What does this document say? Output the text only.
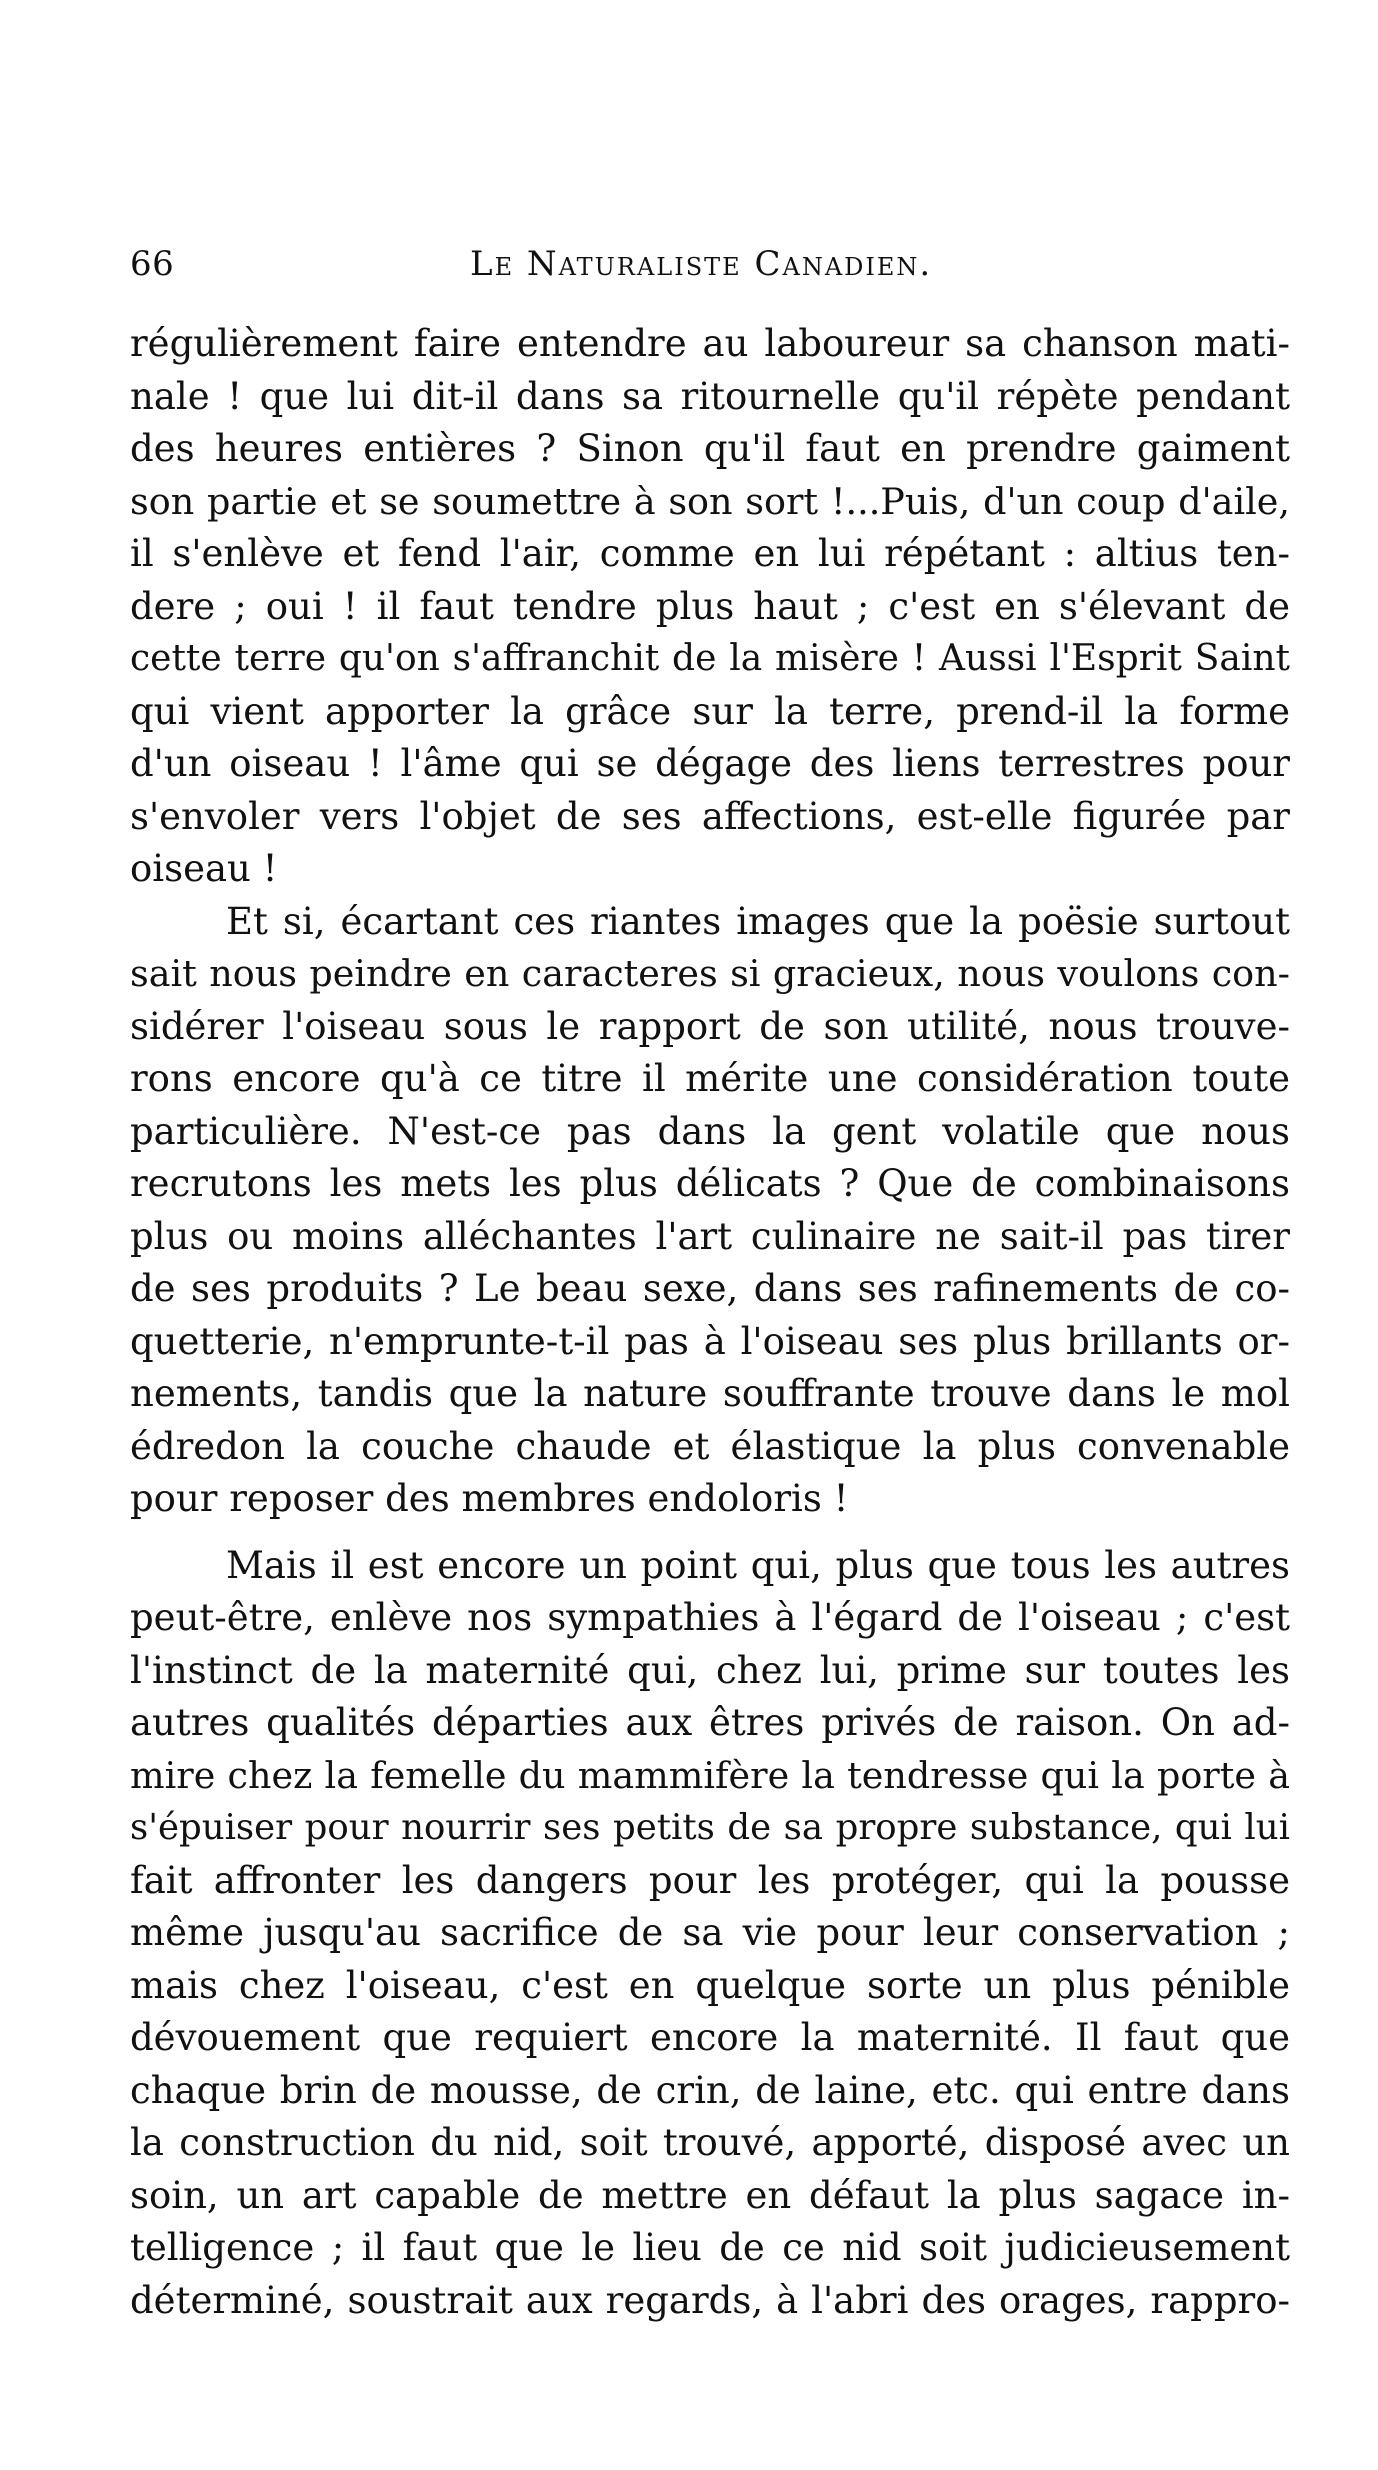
66	Le Naturaliste Canadien.
régulièrement faire entendre au laboureur sa chanson mati-
nale ! que lui dit-il dans sa ritournelle qu'il répète pendant
des heures entières ? Sinon qu'il faut en prendre gaiment
son partie et se soumettre à son sort !...Puis, d'un coup d'aile,
il s'enlève et fend l'air, comme en lui répétant : altius ten-
dere ; oui ! il faut tendre plus haut ; c'est en s'élevant de
cette terre qu'on s'affranchit de la misère ! Aussi l'Esprit Saint
qui vient apporter la grâce sur la terre, prend-il la forme
d'un oiseau ! l'âme qui se dégage des liens terrestres pour
s'envoler vers l'objet de ses affections, est-elle figurée par
oiseau !
Et si, écartant ces riantes images que la poësie surtout
sait nous peindre en caracteres si gracieux, nous voulons con-
sidérer l'oiseau sous le rapport de son utilité, nous trouve-
rons encore qu'à ce titre il mérite une considération toute
particulière. N'est-ce pas dans la gent volatile que nous
recrutons les mets les plus délicats ? Que de combinaisons
plus ou moins alléchantes l'art culinaire ne sait-il pas tirer
de ses produits ? Le beau sexe, dans ses rafinements de co-
quetterie, n'emprunte-t-il pas à l'oiseau ses plus brillants or-
nements, tandis que la nature souffrante trouve dans le mol
édredon la couche chaude et élastique la plus convenable
pour reposer des membres endoloris !
Mais il est encore un point qui, plus que tous les autres
peut-être, enlève nos sympathies à l'égard de l'oiseau ; c'est
l'instinct de la maternité qui, chez lui, prime sur toutes les
autres qualités départies aux êtres privés de raison. On ad-
mire chez la femelle du mammifère la tendresse qui la porte à
s'épuiser pour nourrir ses petits de sa propre substance, qui lui
fait affronter les dangers pour les protéger, qui la pousse
même jusqu'au sacrifice de sa vie pour leur conservation ;
mais chez l'oiseau, c'est en quelque sorte un plus pénible
dévouement que requiert encore la maternité. Il faut que
chaque brin de mousse, de crin, de laine, etc. qui entre dans
la construction du nid, soit trouvé, apporté, disposé avec un
soin, un art capable de mettre en défaut la plus sagace in-
telligence ; il faut que le lieu de ce nid soit judicieusement
déterminé, soustrait aux regards, à l'abri des orages, rappro-
